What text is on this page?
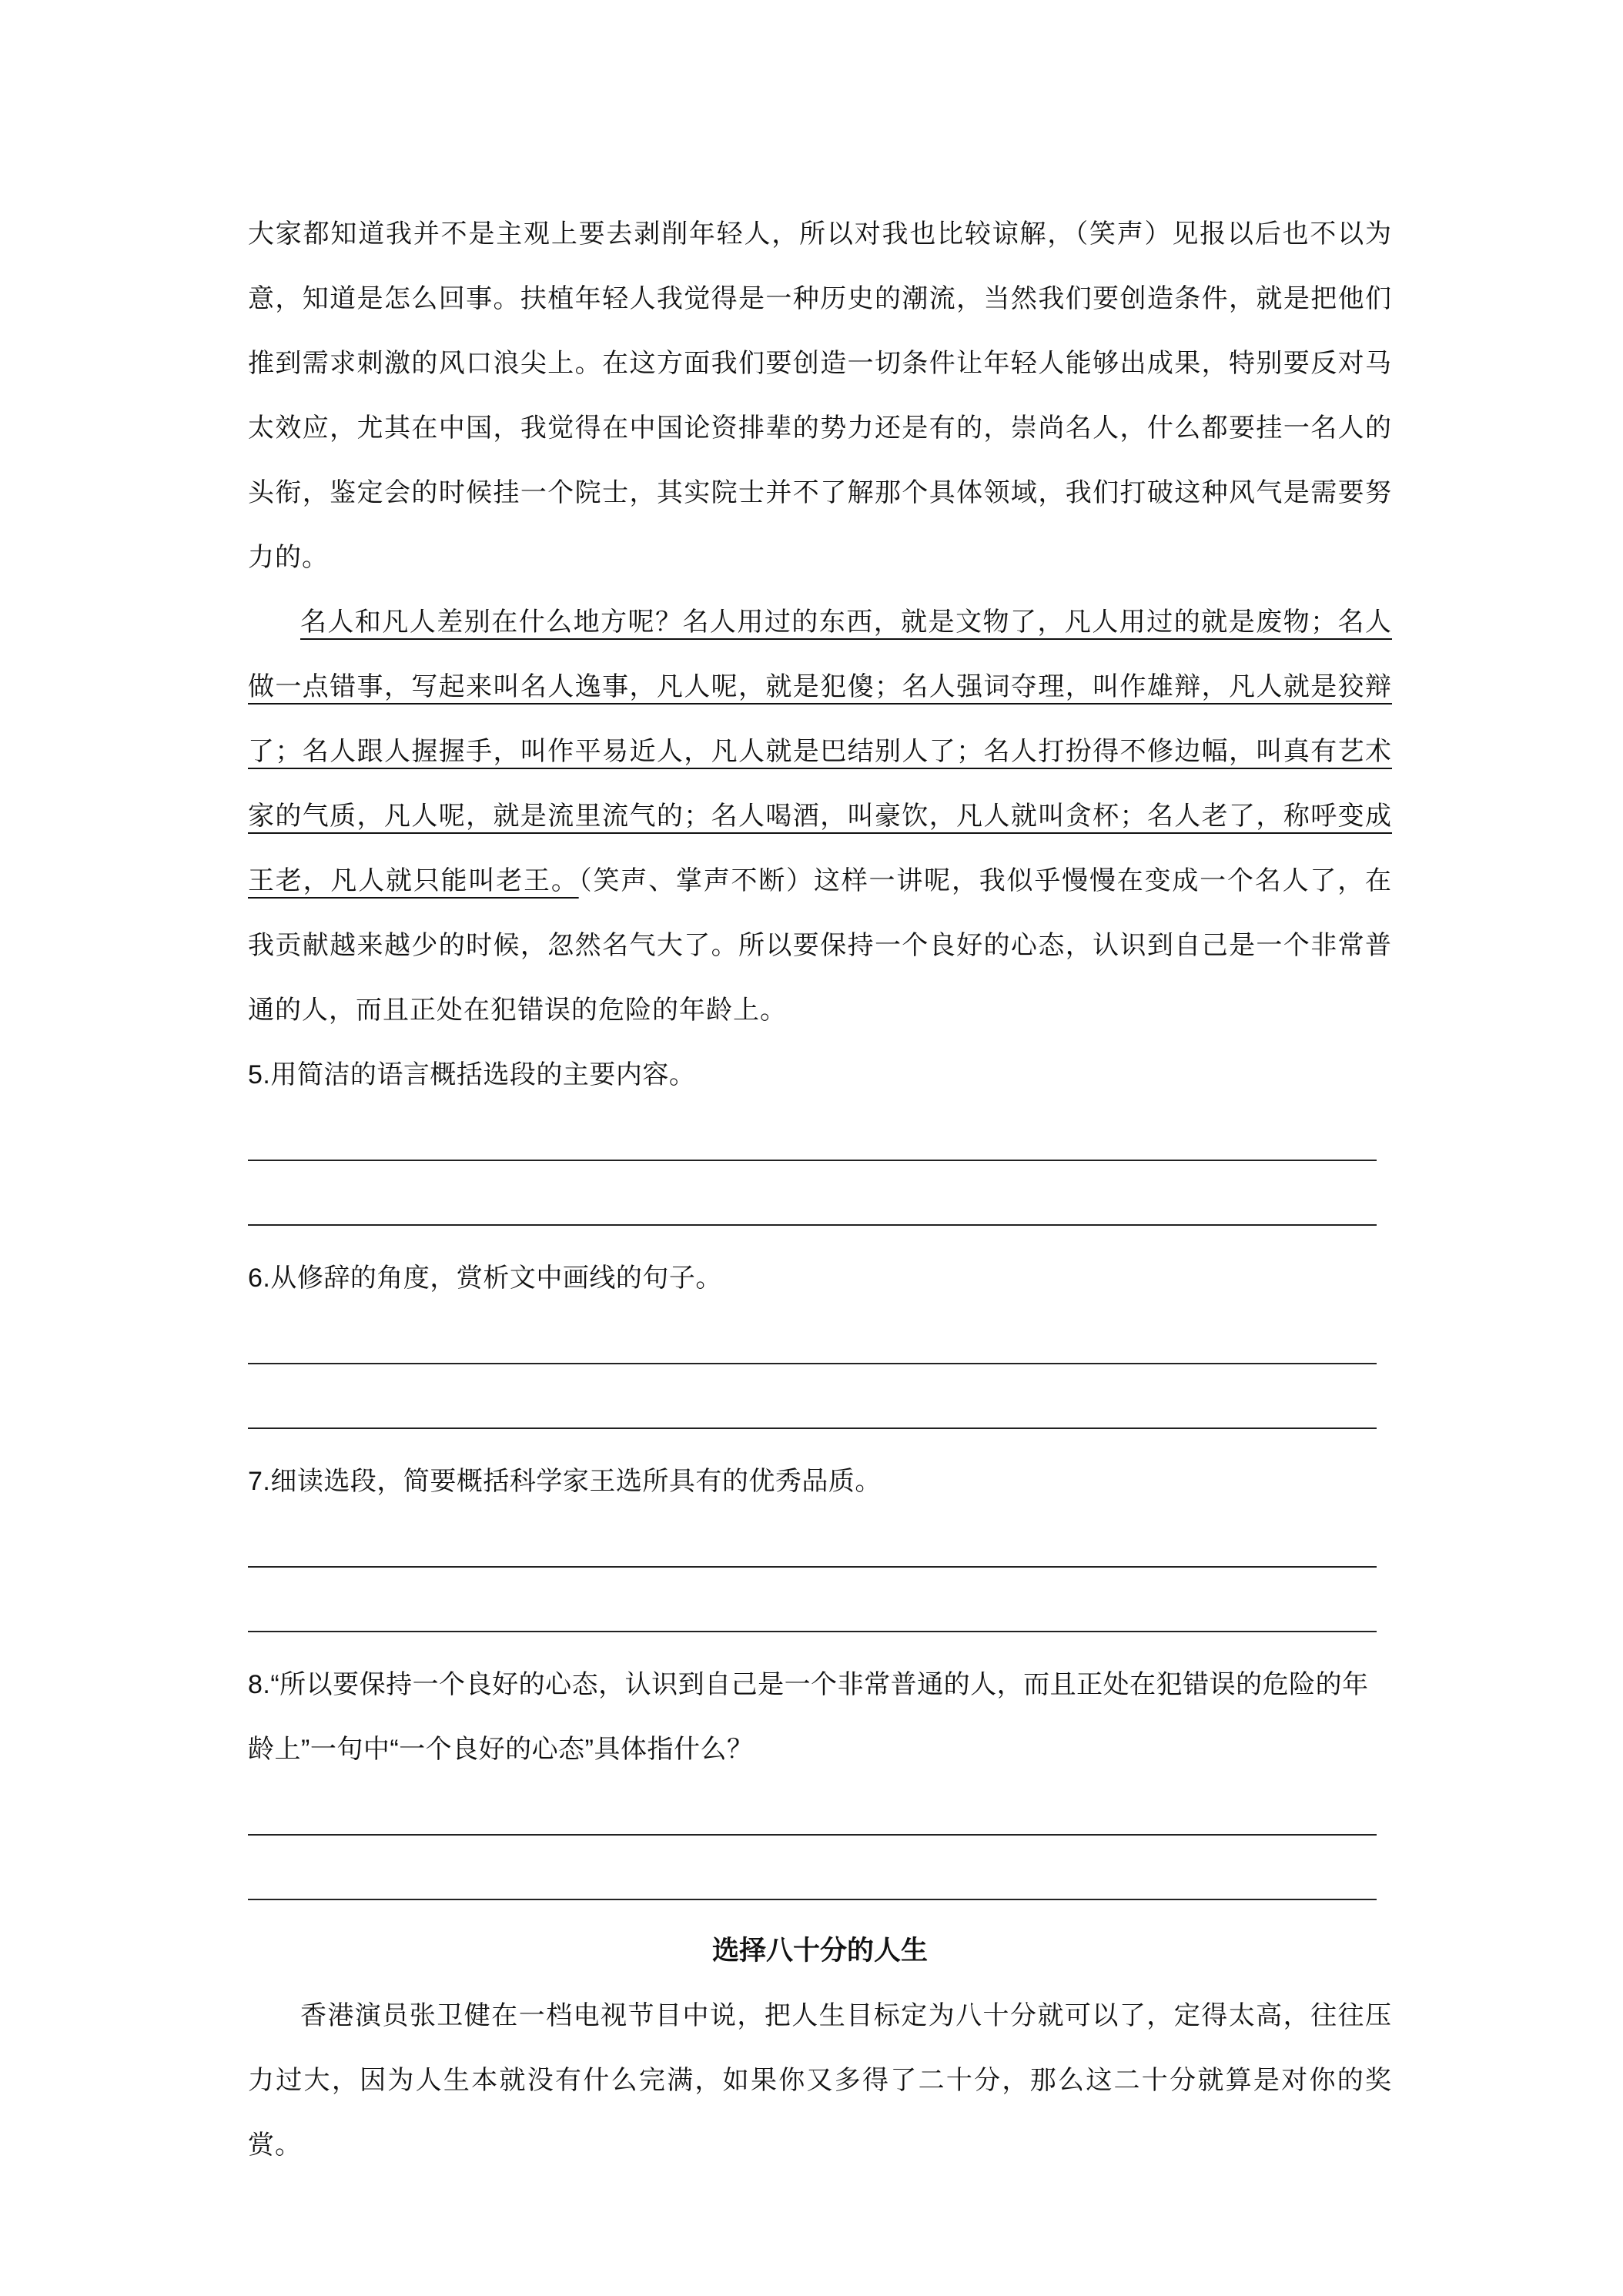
大家都知道我并不是主观上要去剥削年轻人，所以对我也比较谅解，（笑声）见报以后也不以为意，知道是怎么回事。扶植年轻人我觉得是一种历史的潮流，当然我们要创造条件，就是把他们推到需求刺激的风口浪尖上。在这方面我们要创造一切条件让年轻人能够出成果，特别要反对马太效应，尤其在中国，我觉得在中国论资排辈的势力还是有的，崇尚名人，什么都要挂一名人的头衔，鉴定会的时候挂一个院士，其实院士并不了解那个具体领域，我们打破这种风气是需要努力的。

名人和凡人差别在什么地方呢？名人用过的东西，就是文物了，凡人用过的就是废物；名人做一点错事，写起来叫名人逸事，凡人呢，就是犯傻；名人强词夺理，叫作雄辩，凡人就是狡辩了；名人跟人握握手，叫作平易近人，凡人就是巴结别人了；名人打扮得不修边幅，叫真有艺术家的气质，凡人呢，就是流里流气的；名人喝酒，叫豪饮，凡人就叫贪杯；名人老了，称呼变成王老，凡人就只能叫老王。（笑声、掌声不断）这样一讲呢，我似乎慢慢在变成一个名人了，在我贡献越来越少的时候，忽然名气大了。所以要保持一个良好的心态，认识到自己是一个非常普通的人，而且正处在犯错误的危险的年龄上。

5.用简洁的语言概括选段的主要内容。

6.从修辞的角度，赏析文中画线的句子。

7.细读选段，简要概括科学家王选所具有的优秀品质。

8.“所以要保持一个良好的心态，认识到自己是一个非常普通的人，而且正处在犯错误的危险的年龄上”一句中“一个良好的心态”具体指什么？

选择八十分的人生

香港演员张卫健在一档电视节目中说，把人生目标定为八十分就可以了，定得太高，往往压力过大，因为人生本就没有什么完满，如果你又多得了二十分，那么这二十分就算是对你的奖赏。
